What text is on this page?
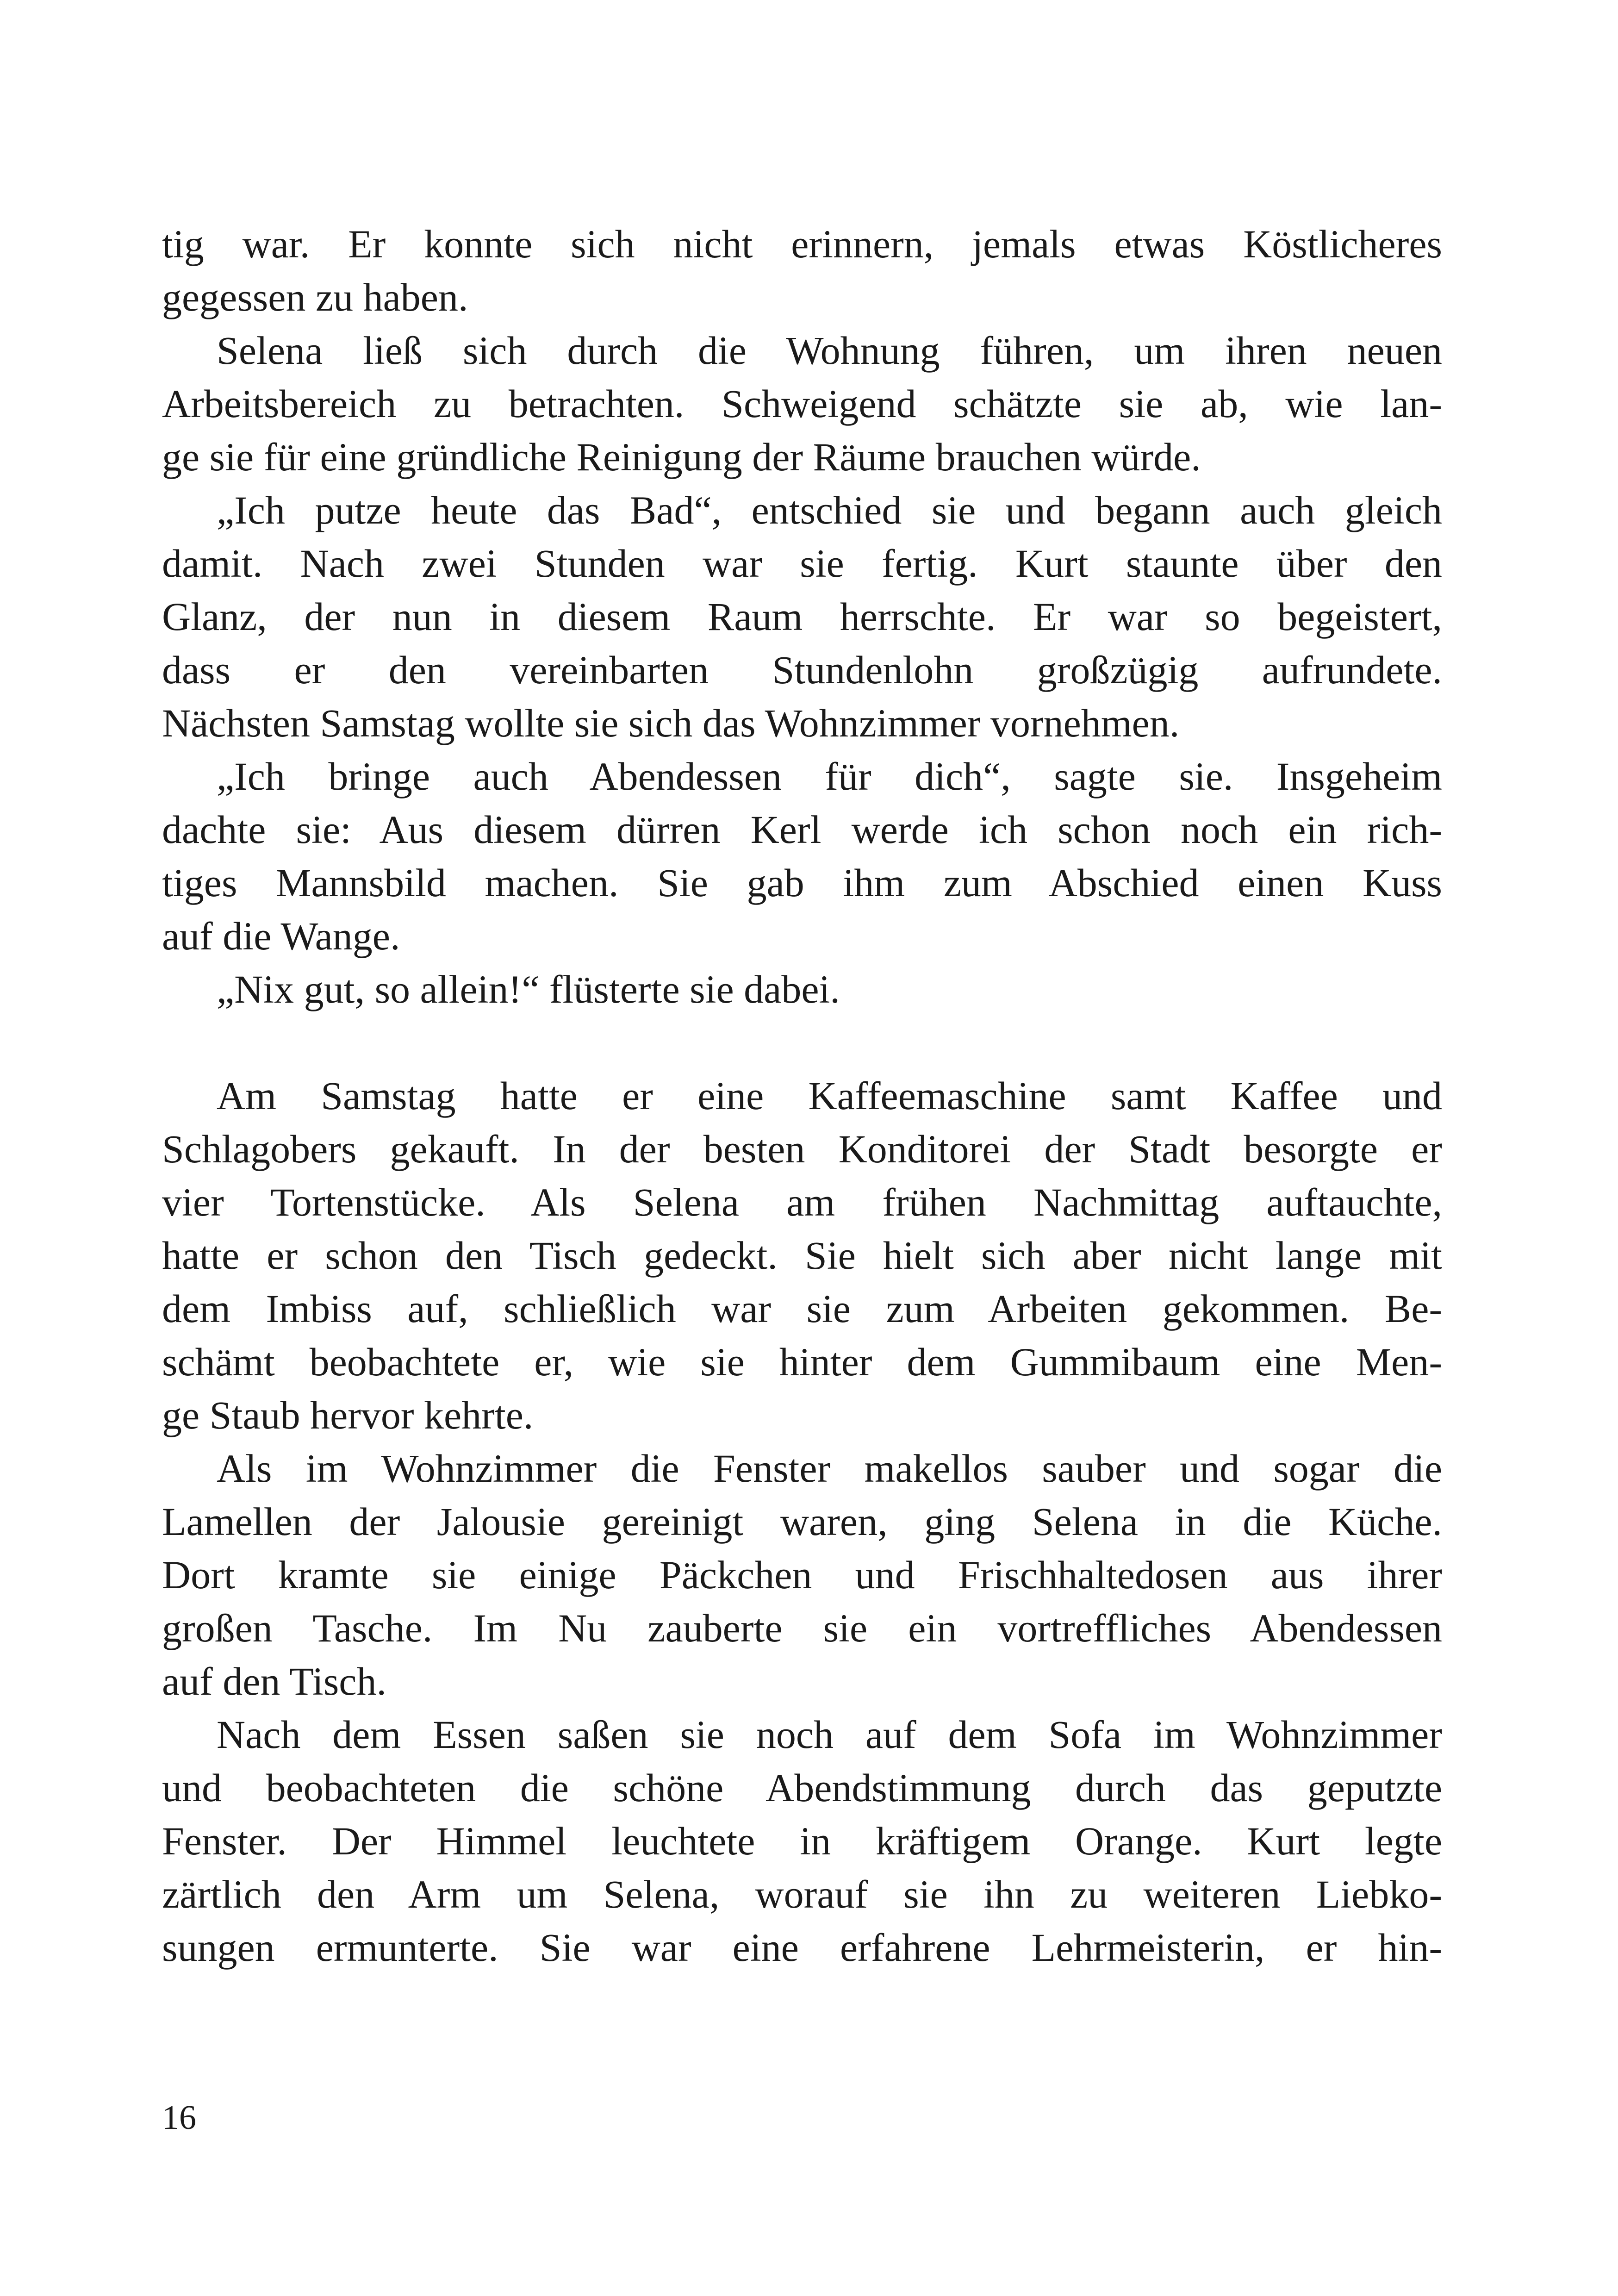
tig war. Er konnte sich nicht erinnern, jemals etwas Köstlicheres
gegessen zu haben.
Selena ließ sich durch die Wohnung führen, um ihren neuen
Arbeitsbereich zu betrachten. Schweigend schätzte sie ab, wie lan-
ge sie für eine gründliche Reinigung der Räume brauchen würde.
„Ich putze heute das Bad“, entschied sie und begann auch gleich
damit. Nach zwei Stunden war sie fertig. Kurt staunte über den
Glanz, der nun in diesem Raum herrschte. Er war so begeistert,
dass er den vereinbarten Stundenlohn großzügig aufrundete.
Nächsten Samstag wollte sie sich das Wohnzimmer vornehmen.
„Ich bringe auch Abendessen für dich“, sagte sie. Insgeheim
dachte sie: Aus diesem dürren Kerl werde ich schon noch ein rich-
tiges Mannsbild machen. Sie gab ihm zum Abschied einen Kuss
auf die Wange.
„Nix gut, so allein!“ flüsterte sie dabei.
Am Samstag hatte er eine Kaffeemaschine samt Kaffee und
Schlagobers gekauft. In der besten Konditorei der Stadt besorgte er
vier Tortenstücke. Als Selena am frühen Nachmittag auftauchte,
hatte er schon den Tisch gedeckt. Sie hielt sich aber nicht lange mit
dem Imbiss auf, schließlich war sie zum Arbeiten gekommen. Be-
schämt beobachtete er, wie sie hinter dem Gummibaum eine Men-
ge Staub hervor kehrte.
Als im Wohnzimmer die Fenster makellos sauber und sogar die
Lamellen der Jalousie gereinigt waren, ging Selena in die Küche.
Dort kramte sie einige Päckchen und Frischhaltedosen aus ihrer
großen Tasche. Im Nu zauberte sie ein vortreffliches Abendessen
auf den Tisch.
Nach dem Essen saßen sie noch auf dem Sofa im Wohnzimmer
und beobachteten die schöne Abendstimmung durch das geputzte
Fenster. Der Himmel leuchtete in kräftigem Orange. Kurt legte
zärtlich den Arm um Selena, worauf sie ihn zu weiteren Liebko-
sungen ermunterte. Sie war eine erfahrene Lehrmeisterin, er hin-
16
